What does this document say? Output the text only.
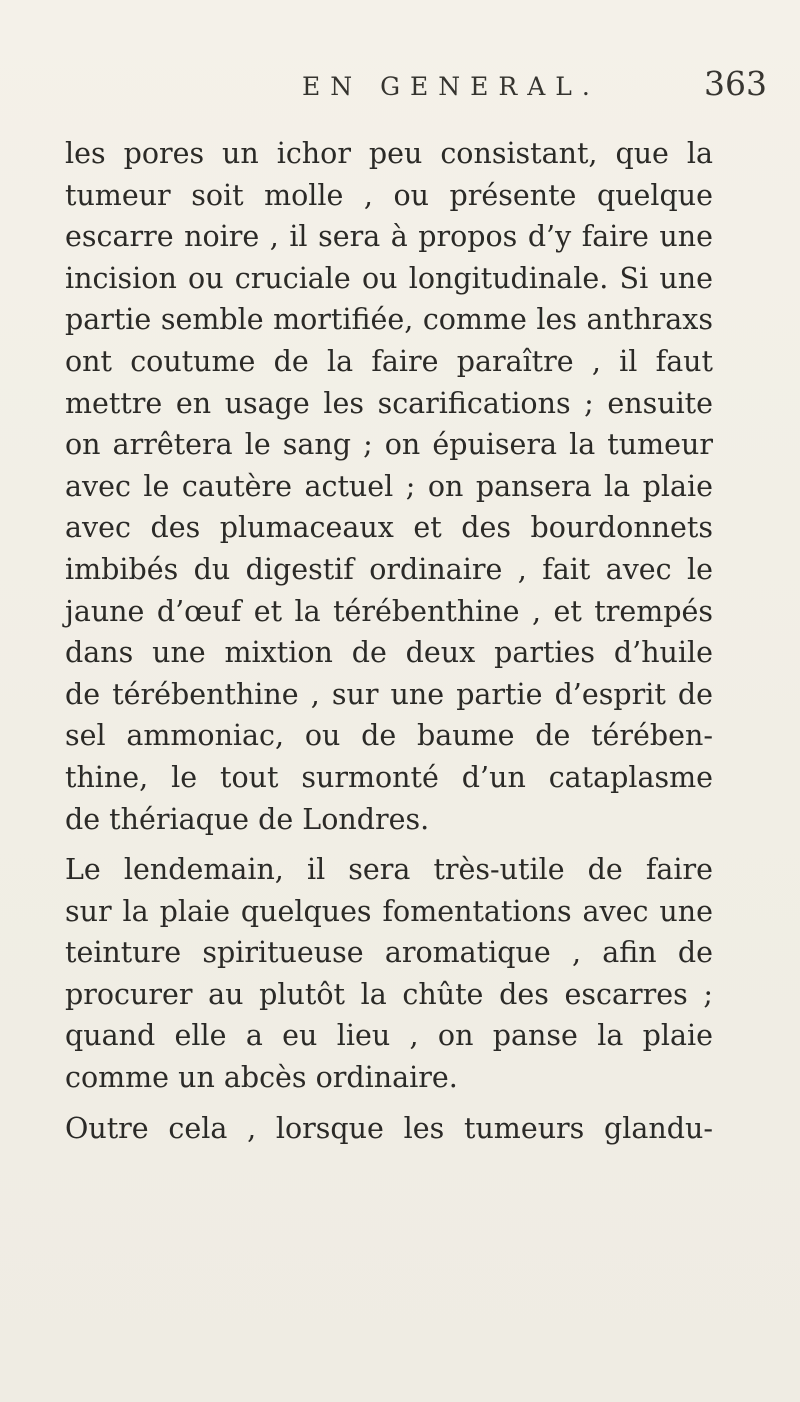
EN GENERAL.	363

les pores un ichor peu consistant, que la
tumeur soit molle , ou présente quelque
escarre noire , il sera à propos d’y faire une
incision ou cruciale ou longitudinale. Si une
partie semble mortifiée, comme les anthraxs
ont coutume de la faire paraître , il faut
mettre en usage les scarifications ; ensuite
on arrêtera le sang ; on épuisera la tumeur
avec le cautère actuel ; on pansera la plaie
avec des plumaceaux et des bourdonnets
imbibés du digestif ordinaire , fait avec le
jaune d’œuf et la térébenthine , et trempés
dans une mixtion de deux parties d’huile
de térébenthine , sur une partie d’esprit de
sel ammoniac, ou de baume de térében-
thine, le tout surmonté d’un cataplasme
de thériaque de Londres.

Le lendemain, il sera très-utile de faire
sur la plaie quelques fomentations avec une
teinture spiritueuse aromatique , afin de
procurer au plutôt la chûte des escarres ;
quand elle a eu lieu , on panse la plaie
comme un abcès ordinaire.

Outre cela , lorsque les tumeurs glandu-
